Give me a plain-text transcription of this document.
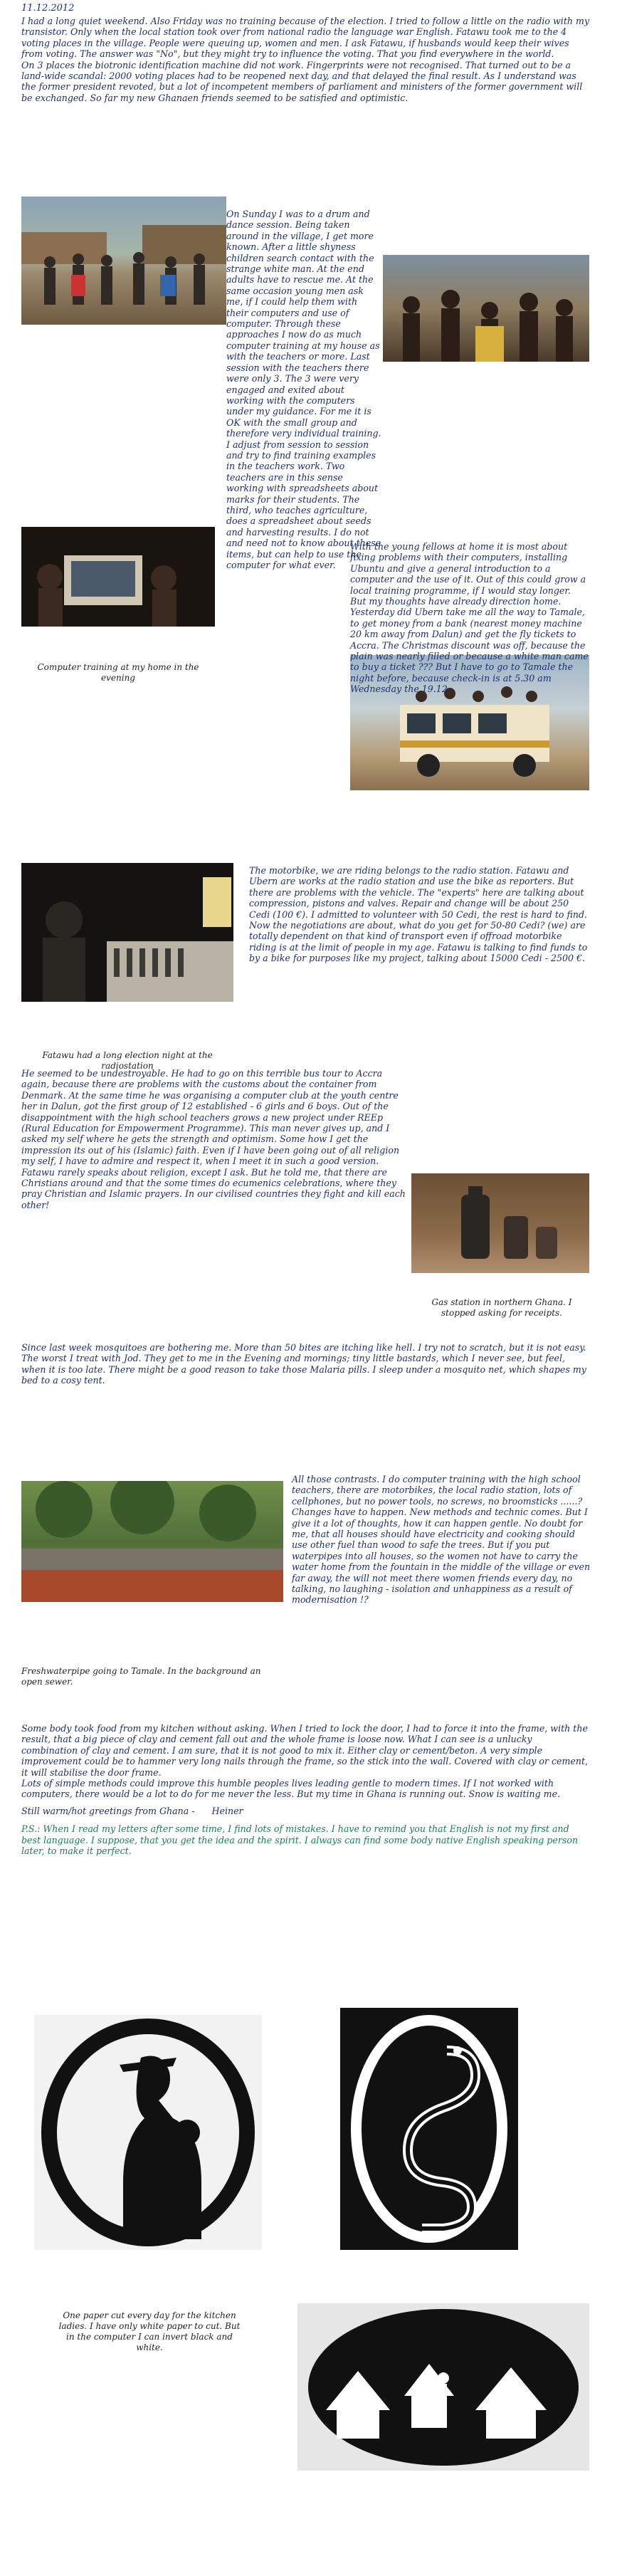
11.12.2012

I had a long quiet weekend. Also Friday was no training because of the election. I tried to follow a little on the radio with my transistor. Only when the local station took over from national radio the language war English. Fatawu took me to the 4 voting places in the village. People were queuing up, women and men. I ask Fatawu, if husbands would keep their wives from voting. The answer was "No", but they might try to influence the voting. That you find everywhere in the world.

On 3 places the biotronic identification machine did not work. Fingerprints were not recognised. That turned out to be a land-wide scandal: 2000 voting places had to be reopened next day, and that delayed the final result. As I understand was the former president revoted, but a lot of incompetent members of parliament and ministers of the former government will be exchanged. So far my new Ghanaen friends seemed to be satisfied and optimistic.

On Sunday I was to a drum and dance session. Being taken around in the village, I get more known. After a little shyness children search contact with the strange white man. At the end adults have to rescue me. At the same occasion young men ask me, if I could help them with their computers and use of computer. Through these approaches I now do as much computer training at my house as with the teachers or more. Last session with the teachers there were only 3. The 3 were very engaged and exited about working with the computers under my guidance. For me it is OK with the small group and therefore very individual training. I adjust from session to session and try to find training examples in the teachers work. Two teachers are in this sense working with spreadsheets about marks for their students. The third, who teaches agriculture, does a spreadsheet about seeds and harvesting results. I do not and need not to know about these items, but can help to use the computer for what ever.

Computer training at my home in the evening
Fatawu had a long election night at the radiostation
Gas station in northern Ghana. I stopped asking for receipts.
Freshwaterpipe going to Tamale. In the background an open sewer.

With the young fellows at home it is most about fixing problems with their computers, installing Ubuntu and give a general introduction to a computer and the use of it. Out of this could grow a local training programme, if I would stay longer. But my thoughts have already direction home. Yesterday did Ubern take me all the way to Tamale, to get money from a bank (nearest money machine 20 km away from Dalun) and get the fly tickets to Accra. The Christmas discount was off, because the plain was nearly filled or because a white man came to buy a ticket ??? But I have to go to Tamale the night before, because check-in is at 5.30 am Wednesday the 19.12.

The motorbike, we are riding belongs to the radio station. Fatawu and Ubern are works at the radio station and use the bike as reporters. But there are problems with the vehicle. The "experts" here are talking about compression, pistons and valves. Repair and change will be about 250 Cedi (100 €). I admitted to volunteer with 50 Cedi, the rest is hard to find. Now the negotiations are about, what do you get for 50-80 Cedi? (we) are totally dependent on that kind of transport even if offroad motorbike riding is at the limit of people in my age. Fatawu is talking to find funds to by a bike for purposes like my project, talking about 15000 Cedi - 2500 €.

He seemed to be undestroyable. He had to go on this terrible bus tour to Accra again, because there are problems with the customs about the container from Denmark. At the same time he was organising a computer club at the youth centre her in Dalun, got the first group of 12 established - 6 girls and 6 boys. Out of the disappointment with the high school teachers grows a new project under REEp (Rural Education for Empowerment Programme). This man never gives up, and I asked my self where he gets the strength and optimism. Some how I get the impression its out of his (Islamic) faith. Even if I have been going out of all religion my self, I have to admire and respect it, when I meet it in such a good version. Fatawu rarely speaks about religion, except I ask. But he told me, that there are Christians around and that the some times do ecumenics celebrations, where they pray Christian and Islamic prayers. In our civilised countries they fight and kill each other!

Since last week mosquitoes are bothering me. More than 50 bites are itching like hell. I try not to scratch, but it is not easy. The worst I treat with Jod. They get to me in the Evening and mornings; tiny little bastards, which I never see, but feel, when it is too late. There might be a good reason to take those Malaria pills. I sleep under a mosquito net, which shapes my bed to a cosy tent.

All those contrasts. I do computer training with the high school teachers, there are motorbikes, the local radio station, lots of cellphones, but no power tools, no screws, no broomsticks ......? Changes have to happen. New methods and technic comes. But I give it a lot of thoughts, how it can happen gentle. No doubt for me, that all houses should have electricity and cooking should use other fuel than wood to safe the trees. But if you put waterpipes into all houses, so the women not have to carry the water home from the fountain in the middle of the village or even far away, the will not meet there women friends every day, no talking, no laughing - isolation and unhappiness as a result of modernisation !?

Some body took food from my kitchen without asking. When I tried to lock the door, I had to force it into the frame, with the result, that a big piece of clay and cement fall out and the whole frame is loose now. What I can see is a unlucky combination of clay and cement. I am sure, that it is not good to mix it. Either clay or cement/beton. A very simple improvement could be to hammer very long nails through the frame, so the stick into the wall. Covered with clay or cement, it will stabilise the door frame.

Lots of simple methods could improve this humble peoples lives leading gentle to modern times. If I not worked with computers, there would be a lot to do for me never the less. But my time in Ghana is running out. Snow is waiting me.

Still warm/hot greetings from Ghana - Heiner

P.S.: When I read my letters after some time, I find lots of mistakes. I have to remind you that English is not my first and best language. I suppose, that you get the idea and the spirit. I always can find some body native English speaking person later, to make it perfect.

One paper cut every day for the kitchen ladies. I have only white paper to cut. But in the computer I can invert black and white.
